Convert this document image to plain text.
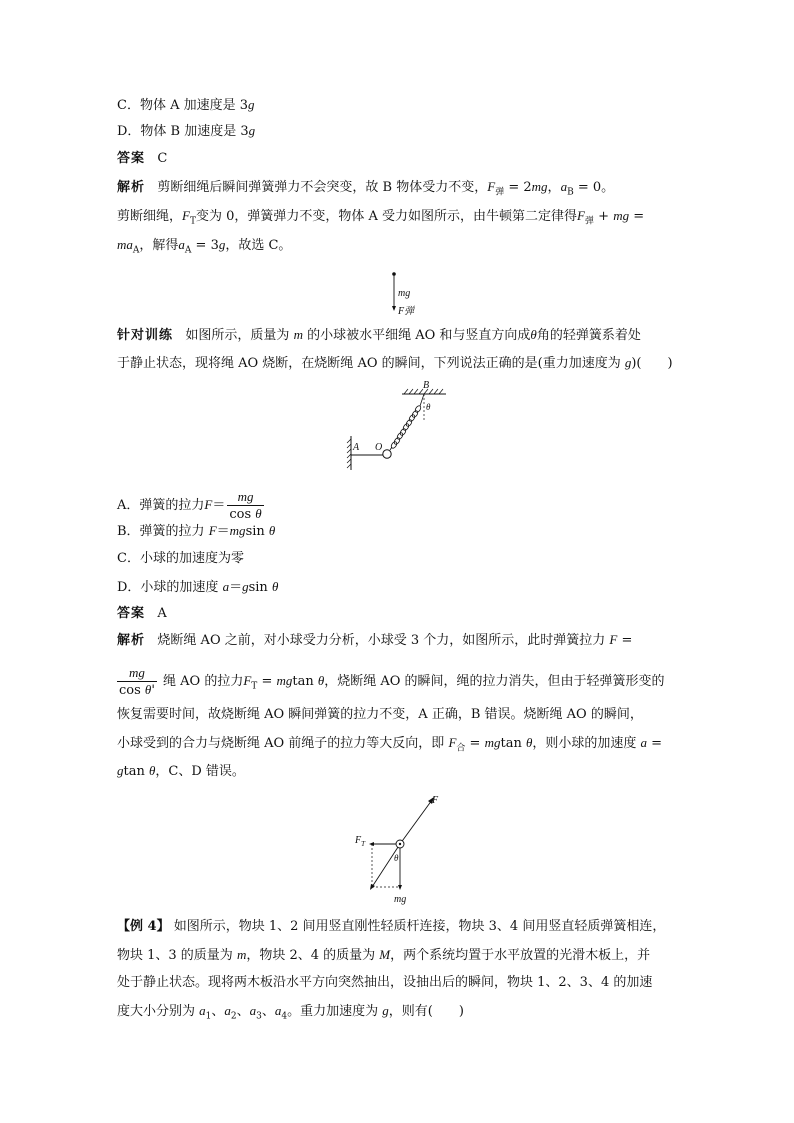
C．物体 A 加速度是 3g
D．物体 B 加速度是 3g
答案 C
解析 剪断细绳后瞬间弹簧弹力不会突变，故 B 物体受力不变，$F_弹 = 2mg$，$a_B = 0$。
剪断细绳，$F_T$变为 0，弹簧弹力不变，物体 A 受力如图所示，由牛顿第二定律得$F_弹$ + mg =
$ma_A$，解得$a_A = 3g$，故选 C。
mg
F弹
针对训练 如图所示，质量为 m 的小球被水平细绳 AO 和与竖直方向成θ角的轻弹簧系着处
于静止状态，现将绳 AO 烧断，在烧断绳 AO 的瞬间，下列说法正确的是(重力加速度为 g)(　　)
B
A O
θ
A．弹簧的拉力$F= \frac{mg}{\text{cos θ}}$
B．弹簧的拉力 F＝mgsin θ
C．小球的加速度为零
D．小球的加速度 a＝gsin θ
答案 A
解析 烧断绳 AO 之前，对小球受力分析，小球受 3 个力，如图所示，此时弹簧拉力 F =
$\frac{mg}{\text{cos θ'}}$ 绳 AO 的拉力$F_T = mgtan$ θ，烧断绳 AO 的瞬间，绳的拉力消失，但由于轻弹簧形变的
恢复需要时间，故烧断绳 AO 瞬间弹簧的拉力不变，A 正确，B 错误。烧断绳 AO 的瞬间，
小球受到的合力与烧断绳 AO 前绳子的拉力等大反向，即 $F_合 = mgtan$ θ，则小球的加速度 a =
gtan θ，C、D 错误。
F
$F_T$
mg
θ
【例 4】 如图所示，物块 1、2 间用竖直刚性轻质杆连接，物块 3、4 间用竖直轻质弹簧相连，
物块 1、3 的质量为 m，物块 2、4 的质量为 M，两个系统均置于水平放置的光滑木板上，并
处于静止状态。现将两木板沿水平方向突然抽出，设抽出后的瞬间，物块 1、2、3、4 的加速
度大小分别为 $a_1$、$a_2$、$a_3$、$a_4$。重力加速度为 g，则有(　　)
